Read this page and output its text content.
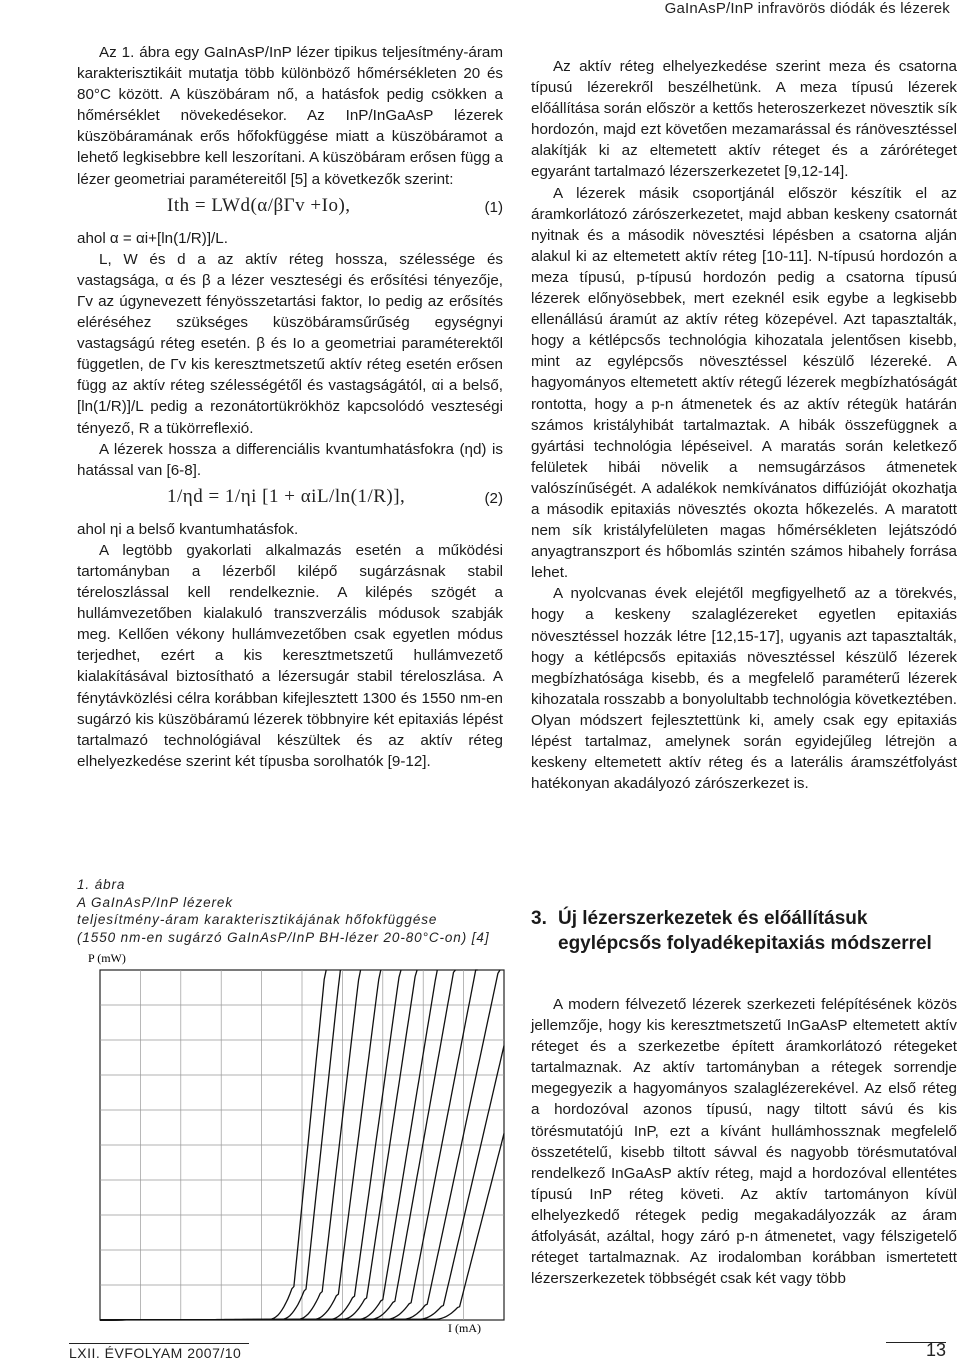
GaInAsP/InP infravörös diódák és lézerek

Az 1. ábra egy GaInAsP/InP lézer tipikus teljesítmény-áram karakterisztikáit mutatja több különböző hőmérsékleten 20 és 80°C között. A küszöbáram nő, a hatásfok pedig csökken a hőmérséklet növekedésekor. Az InP/InGaAsP lézerek küszöbáramának erős hőfokfüggése miatt a küszöbáramot a lehető legkisebbre kell leszorítani. A küszöbáram erősen függ a lézer geometriai paramétereitől [5] a következők szerint:

Ith = LWd(α/βΓv +Io),	(1)

ahol α = αi+[ln(1/R)]/L.

L, W és d a az aktív réteg hossza, szélessége és vastagsága, α és β a lézer veszteségi és erősítési tényezője, Γv az úgynevezett fényösszetartási faktor, Io pedig az erősítés eléréséhez szükséges küszöbáramsűrűség egységnyi vastagságú réteg esetén. β és Io a geometriai paraméterektől független, de Γv kis keresztmetszetű aktív réteg esetén erősen függ az aktív réteg szélességétől és vastagságától, αi a belső, [ln(1/R)]/L pedig a rezonátortükrökhöz kapcsolódó veszteségi tényező, R a tükörreflexió.

A lézerek hossza a differenciális kvantumhatásfokra (ηd) is hatással van [6-8].

1/ηd = 1/ηi [1 + αiL/ln(1/R)],	(2)

ahol ηi a belső kvantumhatásfok.

A legtöbb gyakorlati alkalmazás esetén a működési tartományban a lézerből kilépő sugárzásnak stabil téreloszlással kell rendelkeznie. A kilépés szögét a hullámvezetőben kialakuló transzverzális módusok szabják meg. Kellően vékony hullámvezetőben csak egyetlen módus terjedhet, ezért a kis keresztmetszetű hullámvezető kialakításával biztosítható a lézersugár stabil téreloszlása. A fénytávközlési célra korábban kifejlesztett 1300 és 1550 nm-en sugárzó kis küszöbáramú lézerek többnyire két epitaxiás lépést tartalmazó technológiával készültek és az aktív réteg elhelyezkedése szerint két típusba sorolhatók [9-12].

1. ábra
A GaInAsP/InP lézerek
teljesítmény-áram karakterisztikájának hőfokfüggése
(1550 nm-en sugárzó GaInAsP/InP BH-lézer 20-80°C-on) [4]
P (mW)
I (mA)

Az aktív réteg elhelyezkedése szerint meza és csatorna típusú lézerekről beszélhetünk. A meza típusú lézerek előállítása során először a kettős heteroszerkezet növesztik sík hordozón, majd ezt követően mezamarással és ránövesztéssel alakítják ki az eltemetett aktív réteget és a záróréteget egyaránt tartalmazó lézerszerkezetet [9,12-14].

A lézerek másik csoportjánál először készítik el az áramkorlátozó zárószerkezetet, majd abban keskeny csatornát nyitnak és a második növesztési lépésben a csatorna alján alakul ki az eltemetett aktív réteg [10-11]. N-típusú hordozón a meza típusú, p-típusú hordozón pedig a csatorna típusú lézerek előnyösebbek, mert ezeknél esik egybe a legkisebb ellenállású áramút az aktív réteg közepével. Azt tapasztalták, hogy a kétlépcsős technológia kihozatala jelentősen kisebb, mint az egylépcsős növesztéssel készülő lézereké. A hagyományos eltemetett aktív rétegű lézerek megbízhatóságát rontotta, hogy a p-n átmenetek és az aktív rétegük határán számos kristályhibát tartalmaztak. A hibák összefüggnek a gyártási technológia lépéseivel. A maratás során keletkező felületek hibái növelik a nemsugárzásos átmenetek valószínűségét. A adalékok nemkívánatos diffúzióját okozhatja a második epitaxiás növesztés okozta hőkezelés. A maratott nem sík kristályfelületen magas hőmérsékleten lejátszódó anyagtranszport és hőbomlás szintén számos hibahely forrása lehet.

A nyolcvanas évek elejétől megfigyelhető az a törekvés, hogy a keskeny szalaglézereket egyetlen epitaxiás növesztéssel hozzák létre [12,15-17], ugyanis azt tapasztalták, hogy a kétlépcsős epitaxiás növesztéssel készülő lézerek megbízhatósága kisebb, és a megfelelő paraméterű lézerek kihozatala rosszabb a bonyolultabb technológia következtében. Olyan módszert fejlesztettünk ki, amely csak egy epitaxiás lépést tartalmaz, amelynek során egyidejűleg létrejön a keskeny eltemetett aktív réteg és a laterális áramszétfolyást hatékonyan akadályozó zárószerkezet is.

3. Új lézerszerkezetek és előállításuk egylépcsős folyadékepitaxiás módszerrel

A modern félvezető lézerek szerkezeti felépítésének közös jellemzője, hogy kis keresztmetszetű InGaAsP eltemetett aktív réteget és a szerkezetbe épített áramkorlátozó rétegeket tartalmaznak. Az aktív tartományban a rétegek sorrendje megegyezik a hagyományos szalaglézerekével. Az első réteg a hordozóval azonos típusú, nagy tiltott sávú és kis törésmutatójú InP, ezt a kívánt hullámhossznak megfelelő összetételű, kisebb tiltott sávval és nagyobb törésmutatóval rendelkező InGaAsP aktív réteg, majd a hordozóval ellentétes típusú InP réteg követi. Az aktív tartományon kívül elhelyezkedő rétegek pedig megakadályozzák az áram átfolyását, azáltal, hogy záró p-n átmenetet, vagy félszigetelő réteget tartalmaznak. Az irodalomban korábban ismertetett lézerszerkezetek többségét csak két vagy több

LXII. ÉVFOLYAM 2007/10	13
